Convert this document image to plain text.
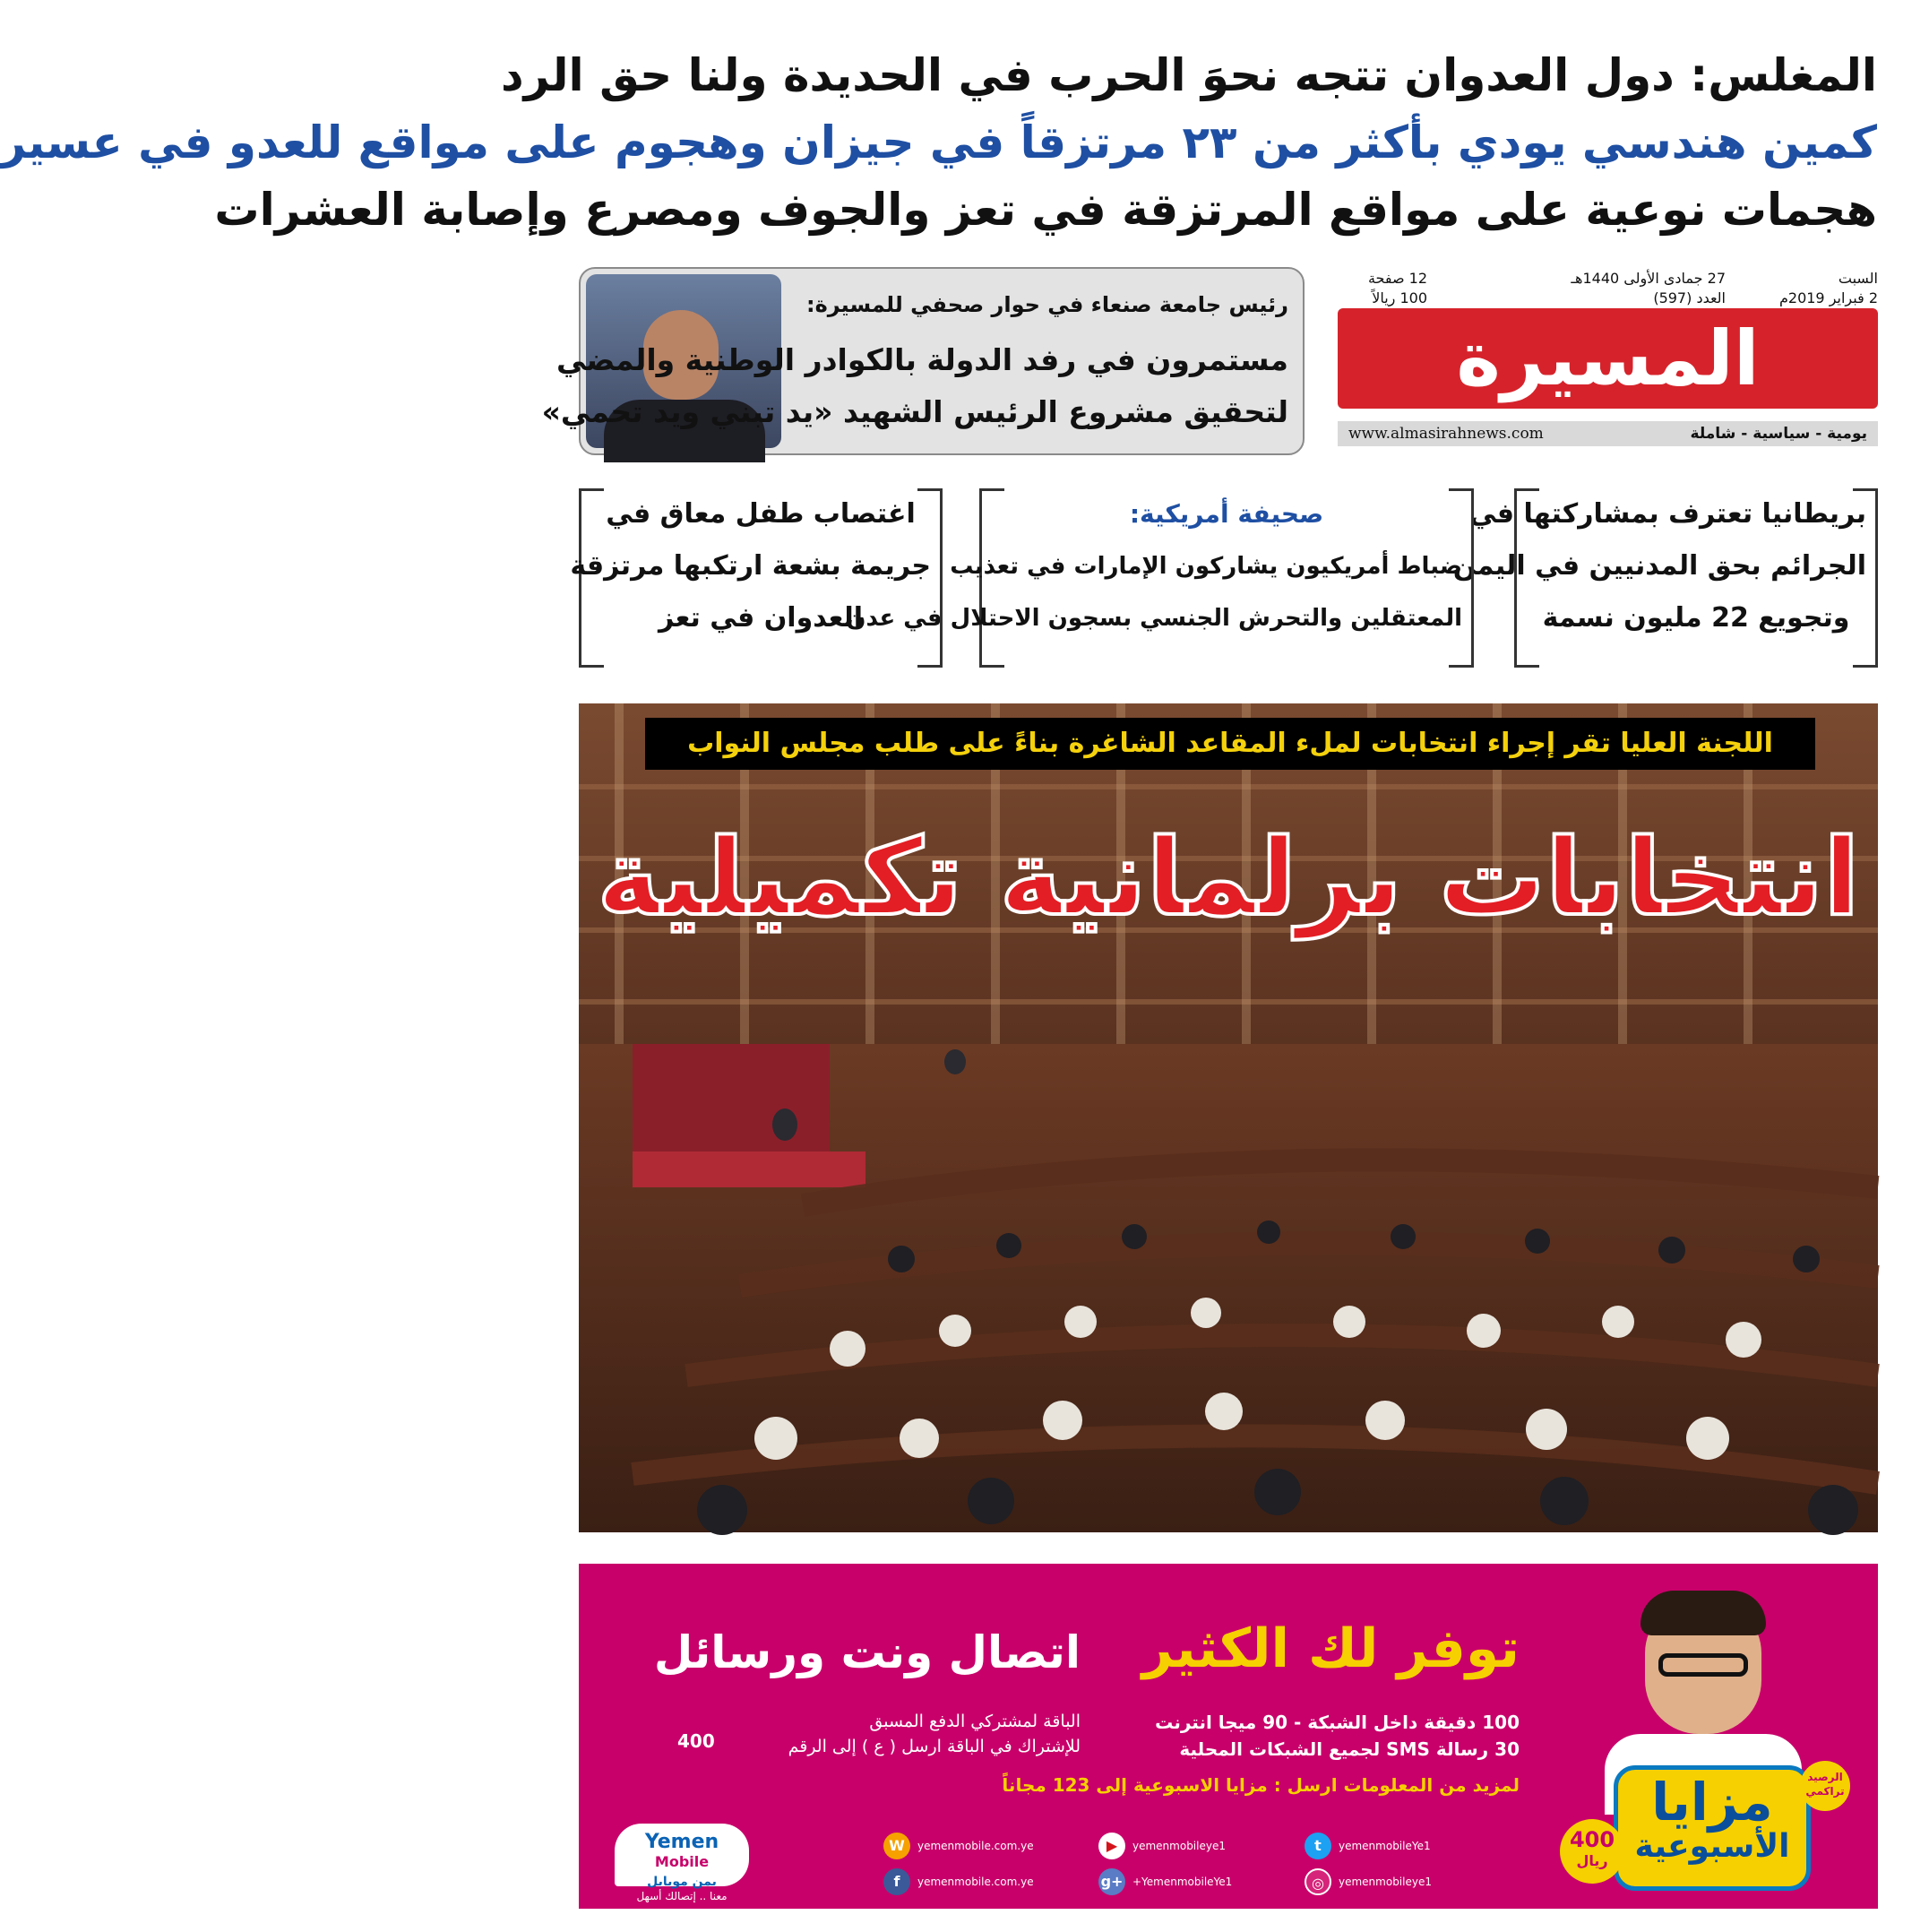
المغلس: دول العدوان تتجه نحوَ الحرب في الحديدة ولنا حق الرد
كمين هندسي يودي بأكثر من ٢٣ مرتزقاً في جيزان وهجوم على مواقع للعدو في عسير
هجمات نوعية على مواقع المرتزقة في تعز والجوف ومصرع وإصابة العشرات
السبت
2 فبراير 2019م
27 جمادى الأولى 1440هـ
العدد (597)
12 صفحة
100 ريالاً
المسيرة
www.almasirahnews.com	يومية - سياسية - شاملة
رئيس جامعة صنعاء في حوار صحفي للمسيرة:
مستمرون في رفد الدولة بالكوادر الوطنية والمضي
لتحقيق مشروع الرئيس الشهيد «يد تبني ويد تحمي»
بريطانيا تعترف بمشاركتها في
الجرائم بحق المدنيين في اليمن
وتجويع 22 مليون نسمة
صحيفة أمريكية:
ضباط أمريكيون يشاركون الإمارات في تعذيب
المعتقلين والتحرش الجنسي بسجون الاحتلال في عدن
اغتصاب طفل معاق في
جريمة بشعة ارتكبها مرتزقة
العدوان في تعز
اللجنة العليا تقر إجراء انتخابات لملء المقاعد الشاغرة بناءً على طلب مجلس النواب
انتخابات برلمانية تكميلية
مزايا
الأسبوعية
400
ريال
الرصيد تراكمي
توفر لك الكثير
100 دقيقة داخل الشبكة - 90 ميجا انترنت
30 رسالة SMS لجميع الشبكات المحلية
لمزيد من المعلومات ارسل : مزايا الاسبوعية إلى 123 مجاناً
اتصال ونت ورسائل
الباقة لمشتركي الدفع المسبق
للإشتراك في الباقة ارسل ( ع ) إلى الرقم
400
W	yemenmobile.com.ye	▶	yemenmobileye1	t	yemenmobileYe1
f	yemenmobile.com.ye	g+ +YemenmobileYe1	◎	yemenmobileye1
Yemen
Mobile
يمن موبايل
معنا .. إتصالك أسهل
